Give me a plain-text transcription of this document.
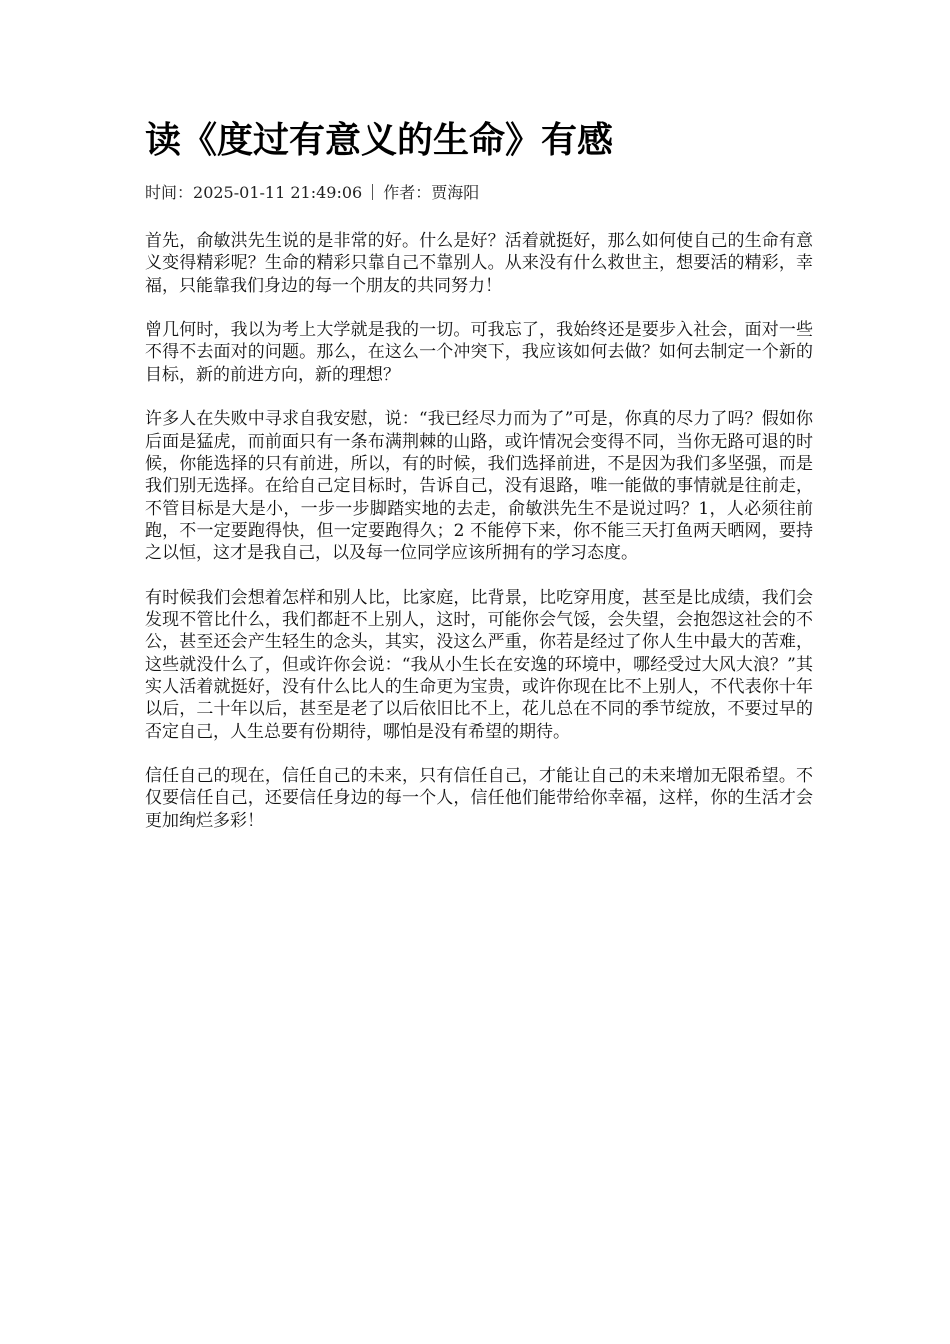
读《度过有意义的生命》有感
时间：2025-01-11 21:49:06 作者：贾海阳

首先，俞敏洪先生说的是非常的好。什么是好？活着就挺好，那么如何使自己的生命有意义变得精彩呢？生命的精彩只靠自己不靠别人。从来没有什么救世主，想要活的精彩，幸福，只能靠我们身边的每一个朋友的共同努力！

曾几何时，我以为考上大学就是我的一切。可我忘了，我始终还是要步入社会，面对一些不得不去面对的问题。那么，在这么一个冲突下，我应该如何去做？如何去制定一个新的目标，新的前进方向，新的理想？

许多人在失败中寻求自我安慰，说：“我已经尽力而为了”可是，你真的尽力了吗？假如你后面是猛虎，而前面只有一条布满荆棘的山路，或许情况会变得不同，当你无路可退的时候，你能选择的只有前进，所以，有的时候，我们选择前进，不是因为我们多坚强，而是我们别无选择。在给自己定目标时，告诉自己，没有退路，唯一能做的事情就是往前走，不管目标是大是小，一步一步脚踏实地的去走，俞敏洪先生不是说过吗？1，人必须往前跑，不一定要跑得快，但一定要跑得久；2 不能停下来，你不能三天打鱼两天晒网，要持之以恒，这才是我自己，以及每一位同学应该所拥有的学习态度。

有时候我们会想着怎样和别人比，比家庭，比背景，比吃穿用度，甚至是比成绩，我们会发现不管比什么，我们都赶不上别人，这时，可能你会气馁，会失望，会抱怨这社会的不公，甚至还会产生轻生的念头，其实，没这么严重，你若是经过了你人生中最大的苦难，这些就没什么了，但或许你会说：“我从小生长在安逸的环境中，哪经受过大风大浪？”其实人活着就挺好，没有什么比人的生命更为宝贵，或许你现在比不上别人，不代表你十年以后，二十年以后，甚至是老了以后依旧比不上，花儿总在不同的季节绽放，不要过早的否定自己，人生总要有份期待，哪怕是没有希望的期待。

信任自己的现在，信任自己的未来，只有信任自己，才能让自己的未来增加无限希望。不仅要信任自己，还要信任身边的每一个人，信任他们能带给你幸福，这样，你的生活才会更加绚烂多彩！
